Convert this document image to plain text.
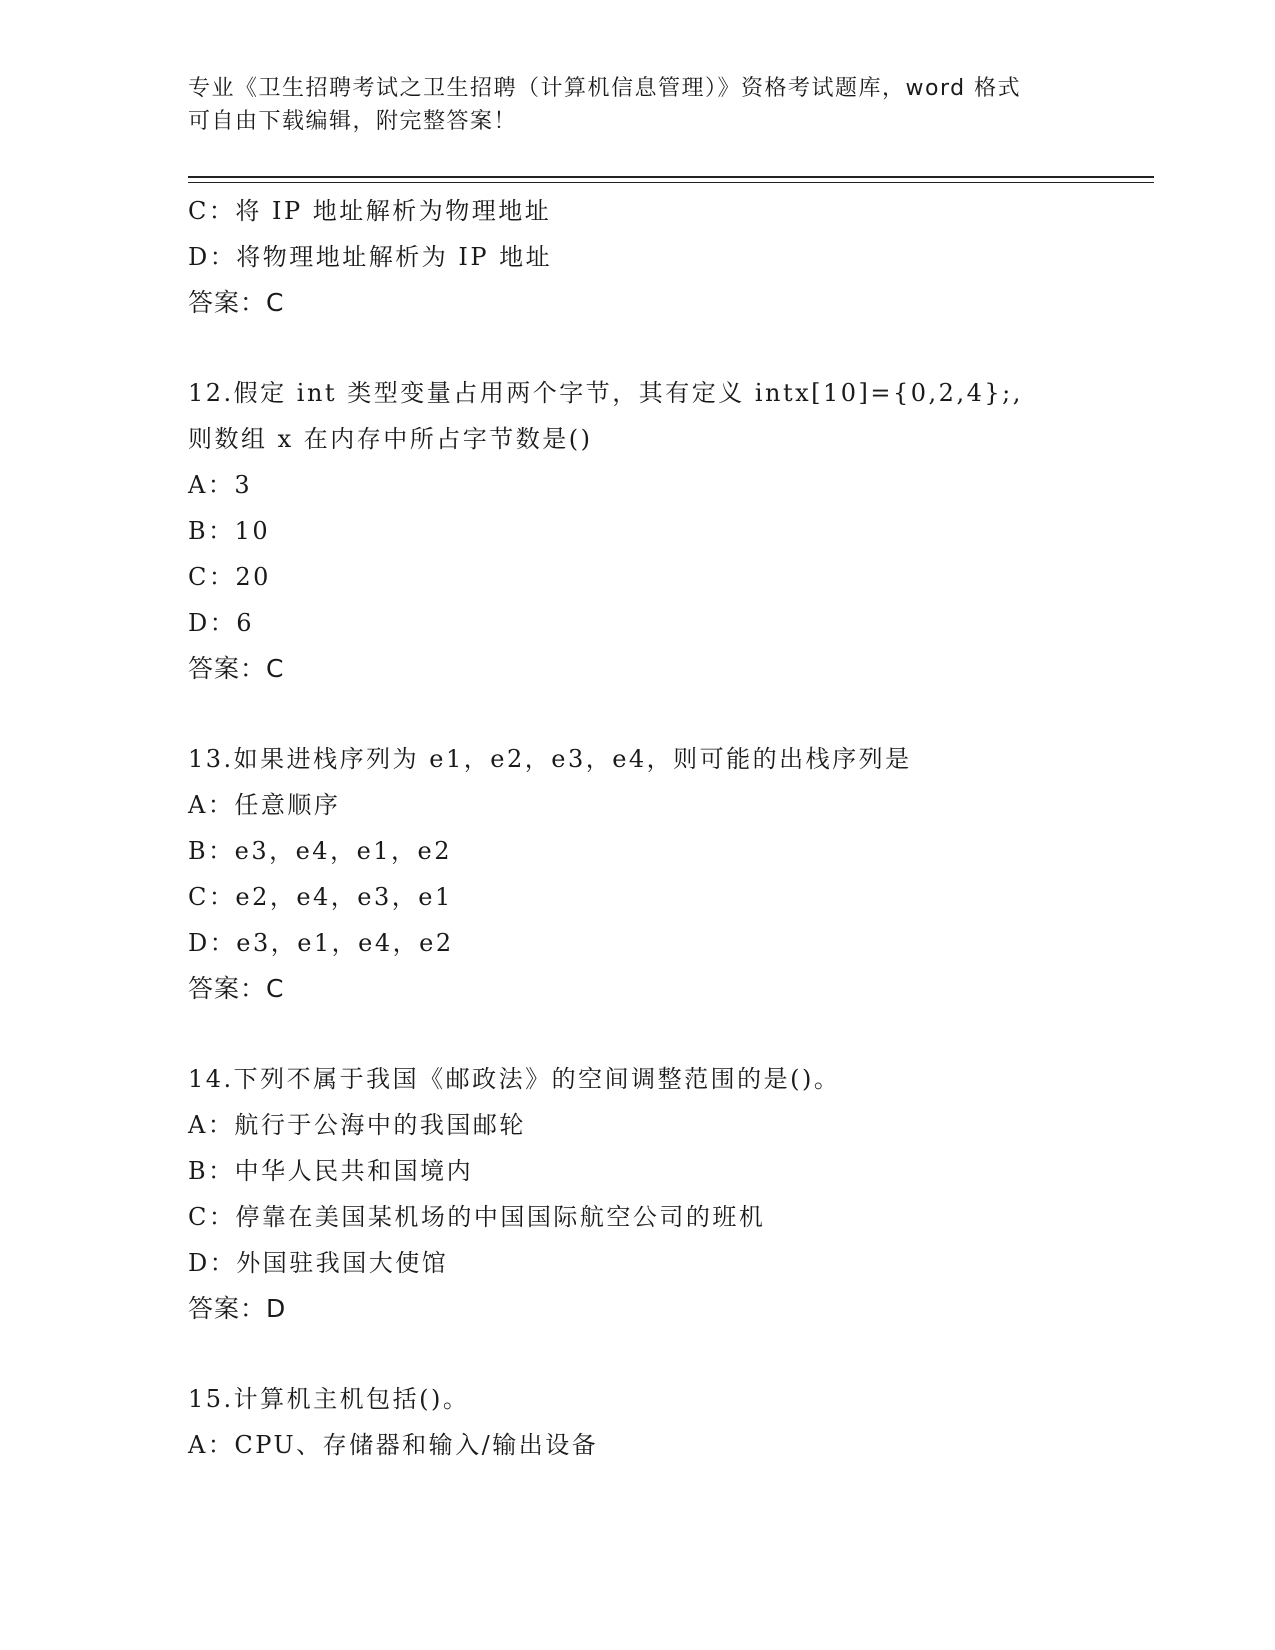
专业《卫生招聘考试之卫生招聘（计算机信息管理）》资格考试题库，word 格式
可自由下载编辑，附完整答案！
C：将 IP 地址解析为物理地址
D：将物理地址解析为 IP 地址
答案：C
12.假定 int 类型变量占用两个字节，其有定义 intx[10]={0,2,4};,
则数组 x 在内存中所占字节数是()
A：3
B：10
C：20
D：6
答案：C
13.如果进栈序列为 e1，e2，e3，e4，则可能的出栈序列是
A：任意顺序
B：e3，e4，e1，e2
C：e2，e4，e3，e1
D：e3，e1，e4，e2
答案：C
14.下列不属于我国《邮政法》的空间调整范围的是()。
A：航行于公海中的我国邮轮
B：中华人民共和国境内
C：停靠在美国某机场的中国国际航空公司的班机
D：外国驻我国大使馆
答案：D
15.计算机主机包括()。
A：CPU、存储器和输入/输出设备
